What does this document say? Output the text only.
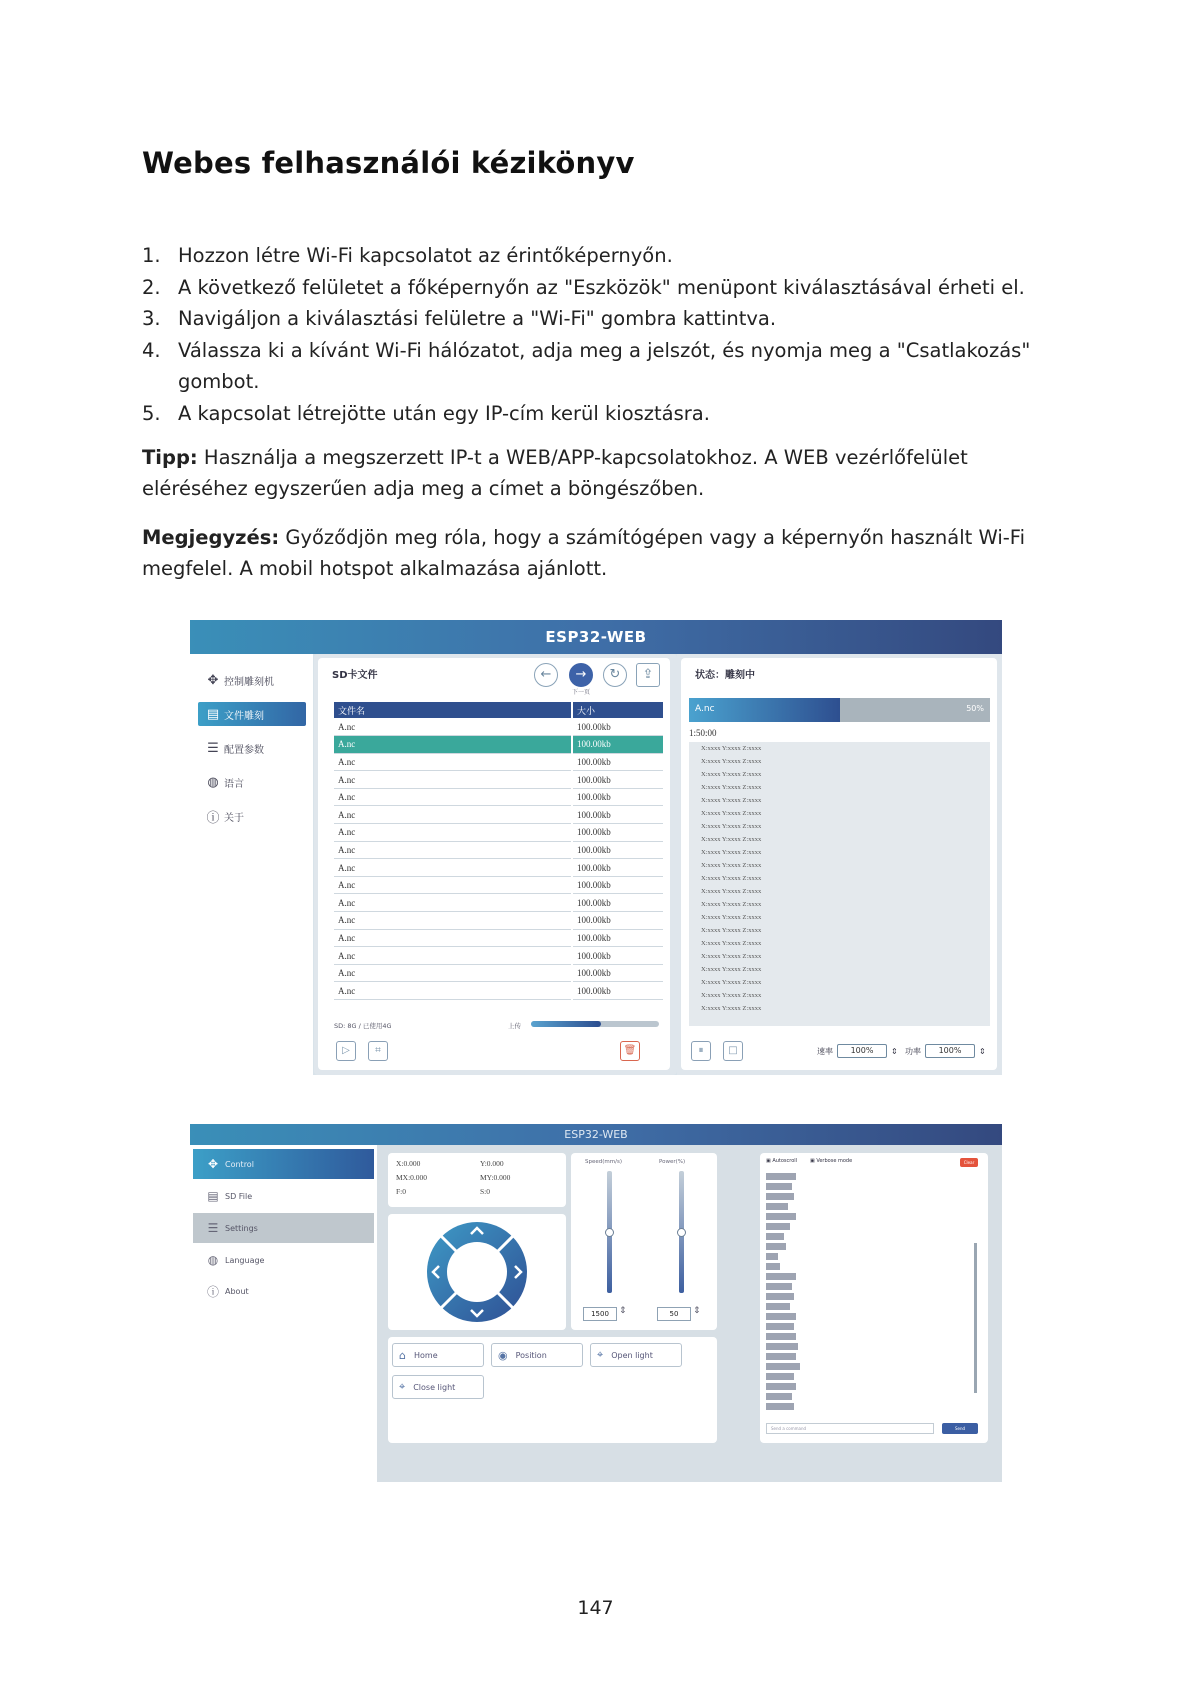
Webes felhasználói kézikönyv
1. Hozzon létre Wi-Fi kapcsolatot az érintőképernyőn.
2. A következő felületet a főképernyőn az "Eszközök" menüpont kiválasztásával érheti el.
3. Navigáljon a kiválasztási felületre a "Wi-Fi" gombra kattintva.
4. Válassza ki a kívánt Wi-Fi hálózatot, adja meg a jelszót, és nyomja meg a "Csatlakozás" gombot.
5. A kapcsolat létrejötte után egy IP-cím kerül kiosztásra.

Tipp: Használja a megszerzett IP-t a WEB/APP-kapcsolatokhoz. A WEB vezérlőfelület eléréséhez egyszerűen adja meg a címet a böngészőben.

Megjegyzés: Győződjön meg róla, hogy a számítógépen vagy a képernyőn használt Wi-Fi megfelel. A mobil hotspot alkalmazása ajánlott.

ESP32-WEB
✥ 控制雕刻机
▤ 文件雕刻
☰ 配置参数
◍ 语言
ⓘ 关于
SD卡文件	←	→
下一页
↻	⇪
文件名	大小
A.nc	100.00kb
A.nc	100.00kb
A.nc	100.00kb
A.nc	100.00kb
A.nc	100.00kb
A.nc	100.00kb
A.nc	100.00kb
A.nc	100.00kb
A.nc	100.00kb
A.nc	100.00kb
A.nc	100.00kb
A.nc	100.00kb
A.nc	100.00kb
A.nc	100.00kb
A.nc	100.00kb
A.nc	100.00kb
SD: 8G / 已使用4G	上传
▷	⌗	🗑
状态：雕刻中
A.nc	50%
1:50:00
X:xxxx Y:xxxx Z:xxxx
X:xxxx Y:xxxx Z:xxxx
X:xxxx Y:xxxx Z:xxxx
X:xxxx Y:xxxx Z:xxxx
X:xxxx Y:xxxx Z:xxxx
X:xxxx Y:xxxx Z:xxxx
X:xxxx Y:xxxx Z:xxxx
X:xxxx Y:xxxx Z:xxxx
X:xxxx Y:xxxx Z:xxxx
X:xxxx Y:xxxx Z:xxxx
X:xxxx Y:xxxx Z:xxxx
X:xxxx Y:xxxx Z:xxxx
X:xxxx Y:xxxx Z:xxxx
X:xxxx Y:xxxx Z:xxxx
X:xxxx Y:xxxx Z:xxxx
X:xxxx Y:xxxx Z:xxxx
X:xxxx Y:xxxx Z:xxxx
X:xxxx Y:xxxx Z:xxxx
X:xxxx Y:xxxx Z:xxxx
X:xxxx Y:xxxx Z:xxxx
X:xxxx Y:xxxx Z:xxxx
⏸	□	速率	100%	⇕ 功率	100%	⇕
ESP32-WEB
✥ Control
▤ SD File
☰ Settings
◍ Language
ⓘ About
X:0.000	Y:0.000
MX:0.000	MY:0.000
F:0	S:0
Speed(mm/s)	Power(%)
1500	⇕	50	⇕
⌂ Home	◉ Position	⌖ Open light
⌖ Close light
▣ Autoscroll	▣ Verbose mode	Clear
Send a command	Send
147
